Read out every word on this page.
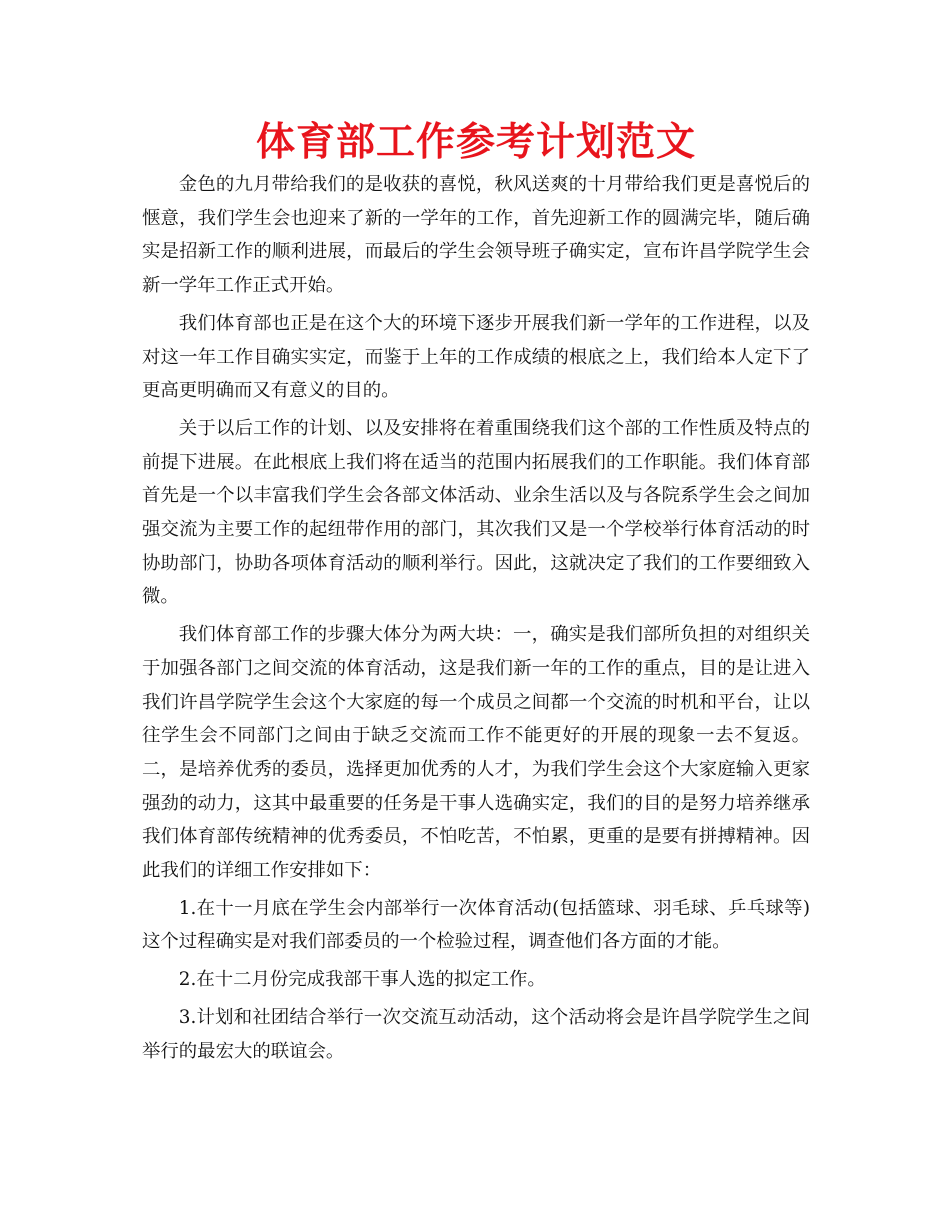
体育部工作参考计划范文

金色的九月带给我们的是收获的喜悦，秋风送爽的十月带给我们更是喜悦后的惬意，我们学生会也迎来了新的一学年的工作，首先迎新工作的圆满完毕，随后确实是招新工作的顺利进展，而最后的学生会领导班子确实定，宣布许昌学院学生会新一学年工作正式开始。

我们体育部也正是在这个大的环境下逐步开展我们新一学年的工作进程，以及对这一年工作目确实实定，而鉴于上年的工作成绩的根底之上，我们给本人定下了更高更明确而又有意义的目的。

关于以后工作的计划、以及安排将在着重围绕我们这个部的工作性质及特点的前提下进展。在此根底上我们将在适当的范围内拓展我们的工作职能。我们体育部首先是一个以丰富我们学生会各部文体活动、业余生活以及与各院系学生会之间加强交流为主要工作的起纽带作用的部门，其次我们又是一个学校举行体育活动的时协助部门，协助各项体育活动的顺利举行。因此，这就决定了我们的工作要细致入微。

我们体育部工作的步骤大体分为两大块：一，确实是我们部所负担的对组织关于加强各部门之间交流的体育活动，这是我们新一年的工作的重点，目的是让进入我们许昌学院学生会这个大家庭的每一个成员之间都一个交流的时机和平台，让以往学生会不同部门之间由于缺乏交流而工作不能更好的开展的现象一去不复返。二，是培养优秀的委员，选择更加优秀的人才，为我们学生会这个大家庭输入更家强劲的动力，这其中最重要的任务是干事人选确实定，我们的目的是努力培养继承我们体育部传统精神的优秀委员，不怕吃苦，不怕累，更重的是要有拼搏精神。因此我们的详细工作安排如下：

1.在十一月底在学生会内部举行一次体育活动(包括篮球、羽毛球、乒乓球等)这个过程确实是对我们部委员的一个检验过程，调查他们各方面的才能。

2.在十二月份完成我部干事人选的拟定工作。

3.计划和社团结合举行一次交流互动活动，这个活动将会是许昌学院学生之间举行的最宏大的联谊会。
